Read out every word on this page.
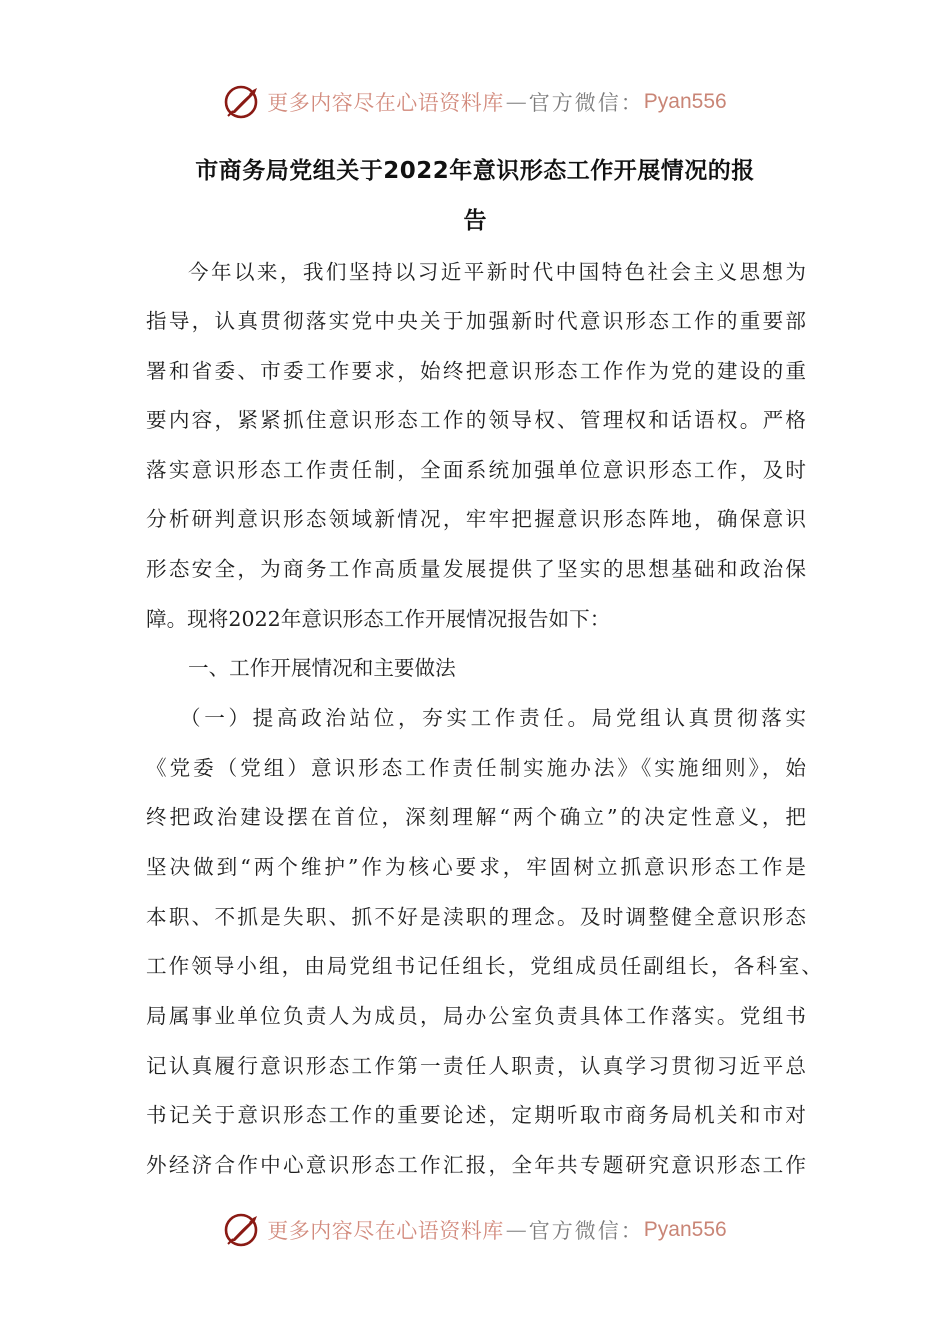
更多内容尽在心语资料库 — 官方微信： Pyan556
市商务局党组关于2022年意识形态工作开展情况的报
告
今年以来，我们坚持以习近平新时代中国特色社会主义思想为
指导，认真贯彻落实党中央关于加强新时代意识形态工作的重要部
署和省委、市委工作要求，始终把意识形态工作作为党的建设的重
要内容，紧紧抓住意识形态工作的领导权、管理权和话语权。严格
落实意识形态工作责任制，全面系统加强单位意识形态工作，及时
分析研判意识形态领域新情况，牢牢把握意识形态阵地，确保意识
形态安全，为商务工作高质量发展提供了坚实的思想基础和政治保
障。现将2022年意识形态工作开展情况报告如下：
一、工作开展情况和主要做法
（一）提高政治站位，夯实工作责任。局党组认真贯彻落实
《党委（党组）意识形态工作责任制实施办法》《实施细则》，始
终把政治建设摆在首位，深刻理解“两个确立”的决定性意义，把
坚决做到“两个维护”作为核心要求，牢固树立抓意识形态工作是
本职、不抓是失职、抓不好是渎职的理念。及时调整健全意识形态
工作领导小组，由局党组书记任组长，党组成员任副组长，各科室、
局属事业单位负责人为成员，局办公室负责具体工作落实。党组书
记认真履行意识形态工作第一责任人职责，认真学习贯彻习近平总
书记关于意识形态工作的重要论述，定期听取市商务局机关和市对
外经济合作中心意识形态工作汇报，全年共专题研究意识形态工作
更多内容尽在心语资料库 — 官方微信： Pyan556
